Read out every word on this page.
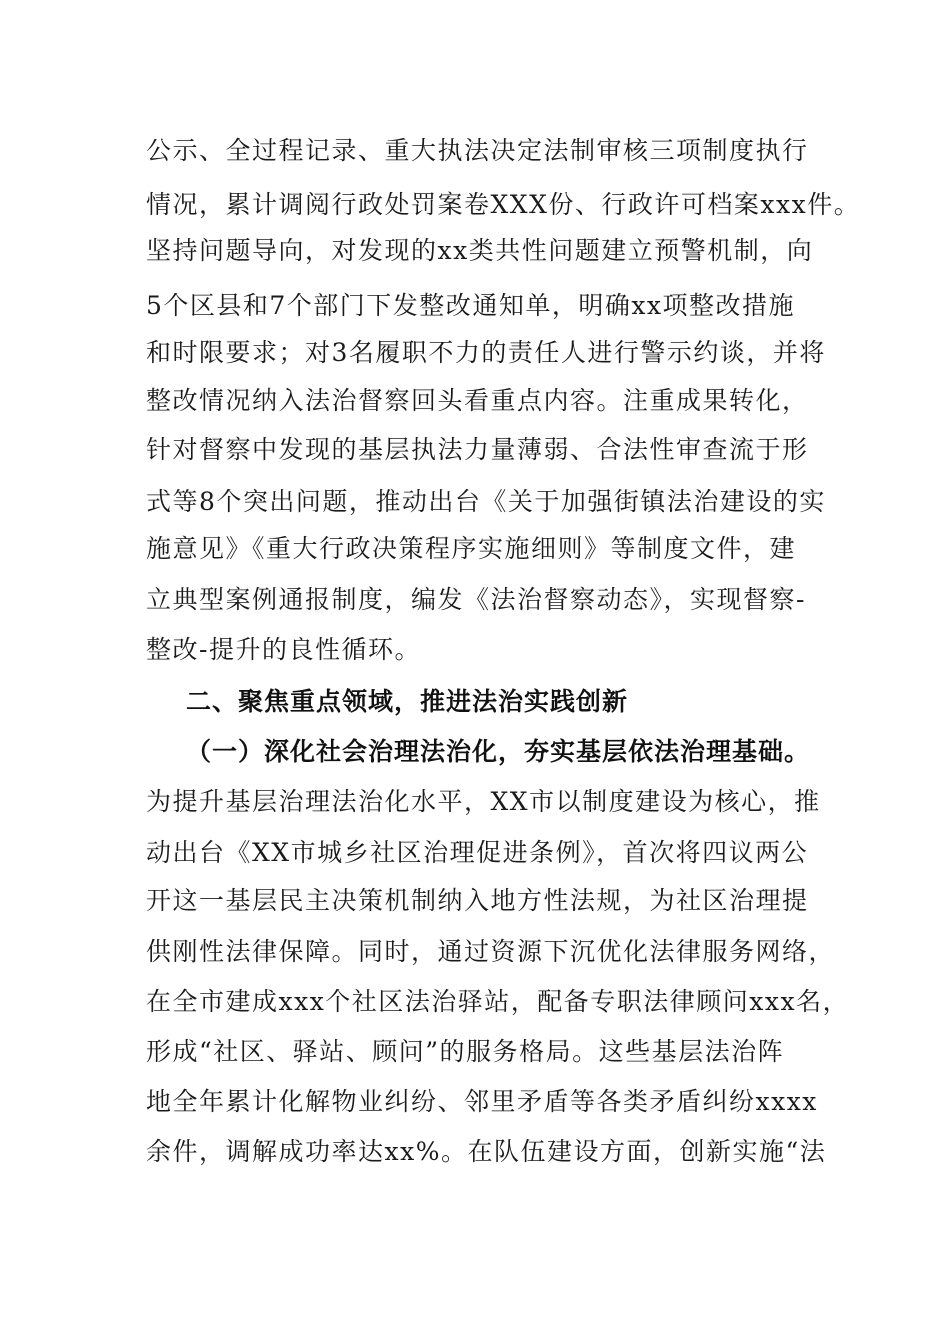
公示、全过程记录、重大执法决定法制审核三项制度执行
情况，累计调阅行政处罚案卷XXX份、行政许可档案xxx件。
坚持问题导向，对发现的xx类共性问题建立预警机制，向
5个区县和7个部门下发整改通知单，明确xx项整改措施
和时限要求；对3名履职不力的责任人进行警示约谈，并将
整改情况纳入法治督察回头看重点内容。注重成果转化，
针对督察中发现的基层执法力量薄弱、合法性审查流于形
式等8个突出问题，推动出台《关于加强街镇法治建设的实
施意见》《重大行政决策程序实施细则》等制度文件，建
立典型案例通报制度，编发《法治督察动态》，实现督察-
整改-提升的良性循环。
二、聚焦重点领域，推进法治实践创新
（一）深化社会治理法治化，夯实基层依法治理基础。
为提升基层治理法治化水平，XX市以制度建设为核心，推
动出台《XX市城乡社区治理促进条例》，首次将四议两公
开这一基层民主决策机制纳入地方性法规，为社区治理提
供刚性法律保障。同时，通过资源下沉优化法律服务网络，
在全市建成xxx个社区法治驿站，配备专职法律顾问xxx名，
形成“社区、驿站、顾问”的服务格局。这些基层法治阵
地全年累计化解物业纠纷、邻里矛盾等各类矛盾纠纷xxxx
余件，调解成功率达xx%。在队伍建设方面，创新实施“法
